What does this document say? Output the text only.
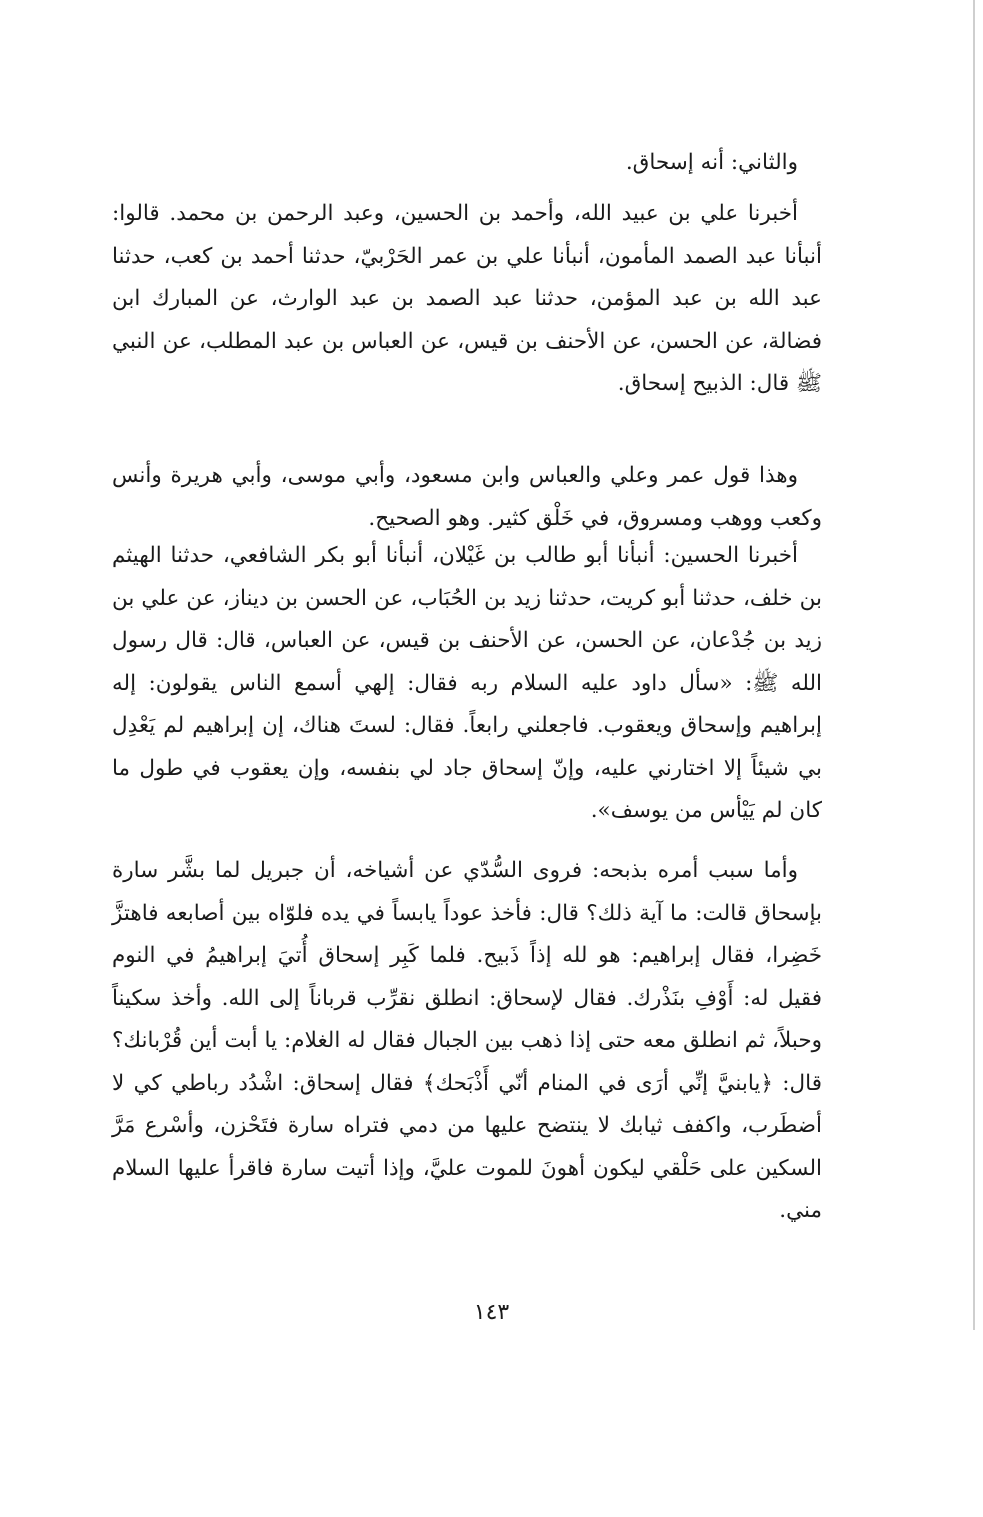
والثاني: أنه إسحاق.

أخبرنا علي بن عبيد الله، وأحمد بن الحسين، وعبد الرحمن بن محمد. قالوا: أنبأنا عبد الصمد المأمون، أنبأنا علي بن عمر الحَرْبيّ، حدثنا أحمد بن كعب، حدثنا عبد الله بن عبد المؤمن، حدثنا عبد الصمد بن عبد الوارث، عن المبارك ابن فضالة، عن الحسن، عن الأحنف بن قيس، عن العباس بن عبد المطلب، عن النبي ﷺ قال: الذبيح إسحاق.

وهذا قول عمر وعلي والعباس وابن مسعود، وأبي موسى، وأبي هريرة وأنس وكعب ووهب ومسروق، في خَلْق كثير. وهو الصحيح.

أخبرنا الحسين: أنبأنا أبو طالب بن غَيْلان، أنبأنا أبو بكر الشافعي، حدثنا الهيثم بن خلف، حدثنا أبو كريت، حدثنا زيد بن الحُبَاب، عن الحسن بن ديناز، عن علي بن زيد بن جُدْعان، عن الحسن، عن الأحنف بن قيس، عن العباس، قال: قال رسول الله ﷺ: «سأل داود عليه السلام ربه فقال: إلهي أسمع الناس يقولون: إله إبراهيم وإسحاق ويعقوب. فاجعلني رابعاً. فقال: لستَ هناك، إن إبراهيم لم يَعْدِل بي شيئاً إلا اختارني عليه، وإنّ إسحاق جاد لي بنفسه، وإن يعقوب في طول ما كان لم يَيْأس من يوسف».

وأما سبب أمره بذبحه: فروى السُّدّي عن أشياخه، أن جبريل لما بشَّر سارة بإسحاق قالت: ما آية ذلك؟ قال: فأخذ عوداً يابساً في يده فلوّاه بين أصابعه فاهتزَّ خَضِرا، فقال إبراهيم: هو لله إذاً ذَبيح. فلما كَبِر إسحاق أُتيَ إبراهيمُ في النوم فقيل له: أَوْفِ بنَذْرك. فقال لإسحاق: انطلق نقرِّب قرباناً إلى الله. وأخذ سكيناً وحبلاً، ثم انطلق معه حتى إذا ذهب بين الجبال فقال له الغلام: يا أبت أين قُرْبانك؟ قال: ﴿يابنيَّ إنِّي أرَى في المنام أنّي أَذْبَحك﴾ فقال إسحاق: اشْدُد رباطي كي لا أضطَرب، واكفف ثيابك لا ينتضح عليها من دمي فتراه سارة فتَحْزن، وأسْرع مَرَّ السكين على حَلْقي ليكون أهونَ للموت عليَّ، وإذا أتيت سارة فاقرأ عليها السلام مني.

١٤٣
